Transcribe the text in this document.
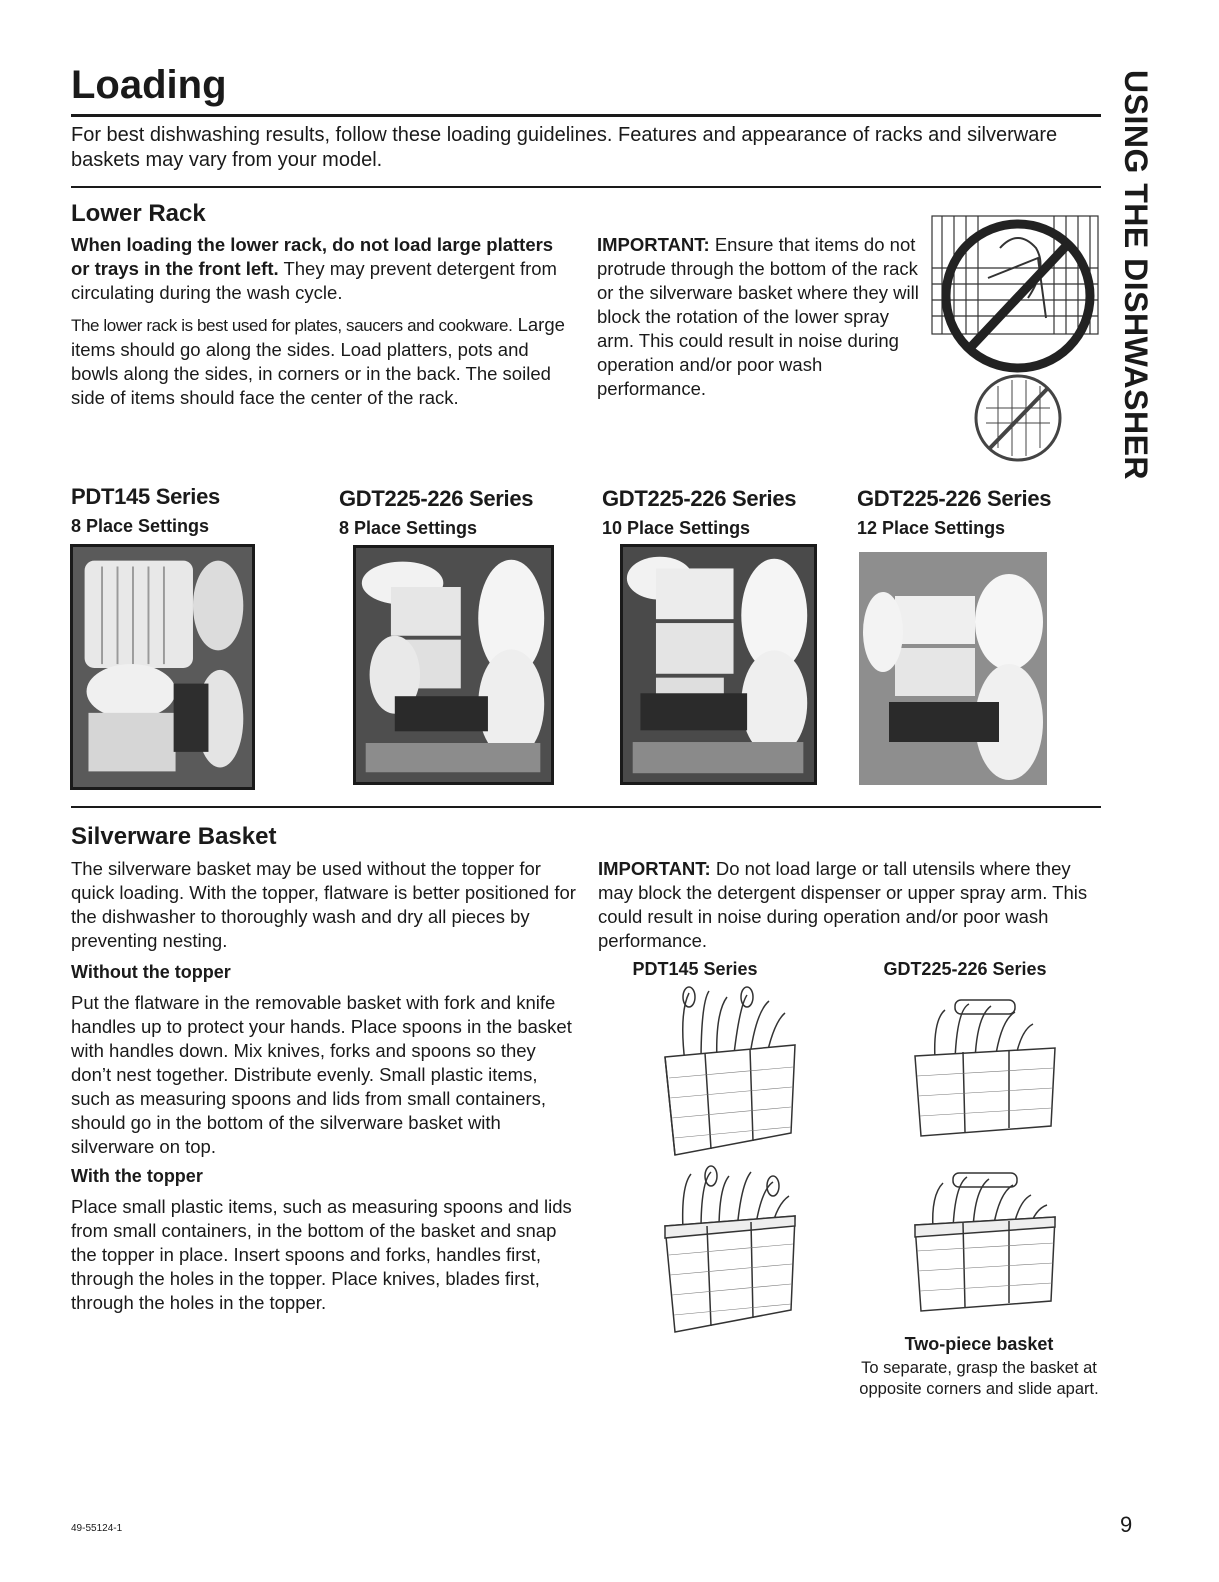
Loading
For best dishwashing results, follow these loading guidelines. Features and appearance of racks and silverware baskets may vary from your model.	USING THE DISHWASHER
Lower Rack

When loading the lower rack, do not load large platters or trays in the front left. They may prevent detergent from circulating during the wash cycle.

The lower rack is best used for plates, saucers and cookware. Large items should go along the sides. Load platters, pots and bowls along the sides, in corners or in the back. The soiled side of items should face the center of the rack.

IMPORTANT: Ensure that items do not protrude through the bottom of the rack or the silverware basket where they will block the rotation of the lower spray arm. This could result in noise during operation and/or poor wash performance.
PDT145 Series
8 Place Settings
GDT225-226 Series
8 Place Settings
GDT225-226 Series
10 Place Settings
GDT225-226 Series
12 Place Settings
Silverware Basket
The silverware basket may be used without the topper for quick loading. With the topper, flatware is better positioned for the dishwasher to thoroughly wash and dry all pieces by preventing nesting.
Without the topper
Put the flatware in the removable basket with fork and knife handles up to protect your hands. Place spoons in the basket with handles down. Mix knives, forks and spoons so they don’t nest together. Distribute evenly. Small plastic items, such as measuring spoons and lids from small containers, should go in the bottom of the silverware basket with silverware on top.
With the topper
Place small plastic items, such as measuring spoons and lids from small containers, in the bottom of the basket and snap the topper in place. Insert spoons and forks, handles first, through the holes in the topper. Place knives, blades first, through the holes in the topper.
IMPORTANT: Do not load large or tall utensils where they may block the detergent dispenser or upper spray arm. This could result in noise during operation and/or poor wash performance.
PDT145 Series	GDT225-226 Series
Two-piece basket
To separate, grasp the basket at opposite corners and slide apart.
49-55124-1	9
